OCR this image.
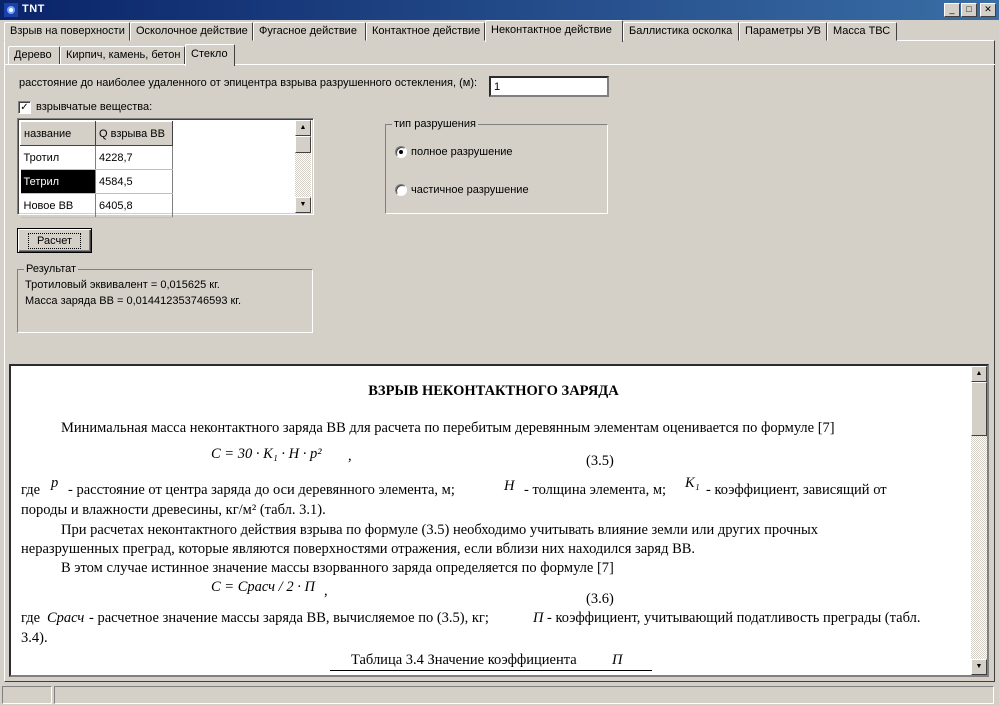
TNT	_	□	✕
Взрыв на поверхности	Осколочное действие	Фугасное действие	Контактное действие Неконтактное действие	Баллистика осколка	Параметры УВ	Масса ТВС
Дерево	Кирпич, камень, бетон Стекло
расстояние до наиболее удаленного от эпицентра взрыва разрушенного остекления, (м):
1
✓ взрывчатые вещества:
название	Q взрыва ВВ
Тротил	4228,7
Тетрил	4584,5
Новое ВВ	6405,8
▲
▼
тип разрушения
полное разрушение
частичное разрушение
Расчет
Результат
Тротиловый эквивалент = 0,015625 кг.
Масса заряда ВВ = 0,014412353746593 кг.
ВЗРЫВ НЕКОНТАКТНОГО ЗАРЯДА
Минимальная масса неконтактного заряда ВВ для расчета по перебитым деревянным элементам оценивается по формуле [7]
C = 30 · K₁ · H · p² ,	(3.5)
где p - расстояние от центра заряда до оси деревянного элемента, м;	H - толщина элемента, м; K₁ - коэффициент, зависящий от
породы и влажности древесины, кг/м² (табл. 3.1).
При расчетах неконтактного действия взрыва по формуле (3.5) необходимо учитывать влияние земли или других прочных
неразрушенных преград, которые являются поверхностями отражения, если вблизи них находился заряд ВВ.
В этом случае истинное значение массы взорванного заряда определяется по формуле [7]
C = Cрасч / 2 · П ,	(3.6)
где Cрасч - расчетное значение массы заряда ВВ, вычисляемое по (3.5), кг;	П - коэффициент, учитывающий податливость преграды (табл.
3.4).
Таблица 3.4 Значение коэффициента П
▲
▼
